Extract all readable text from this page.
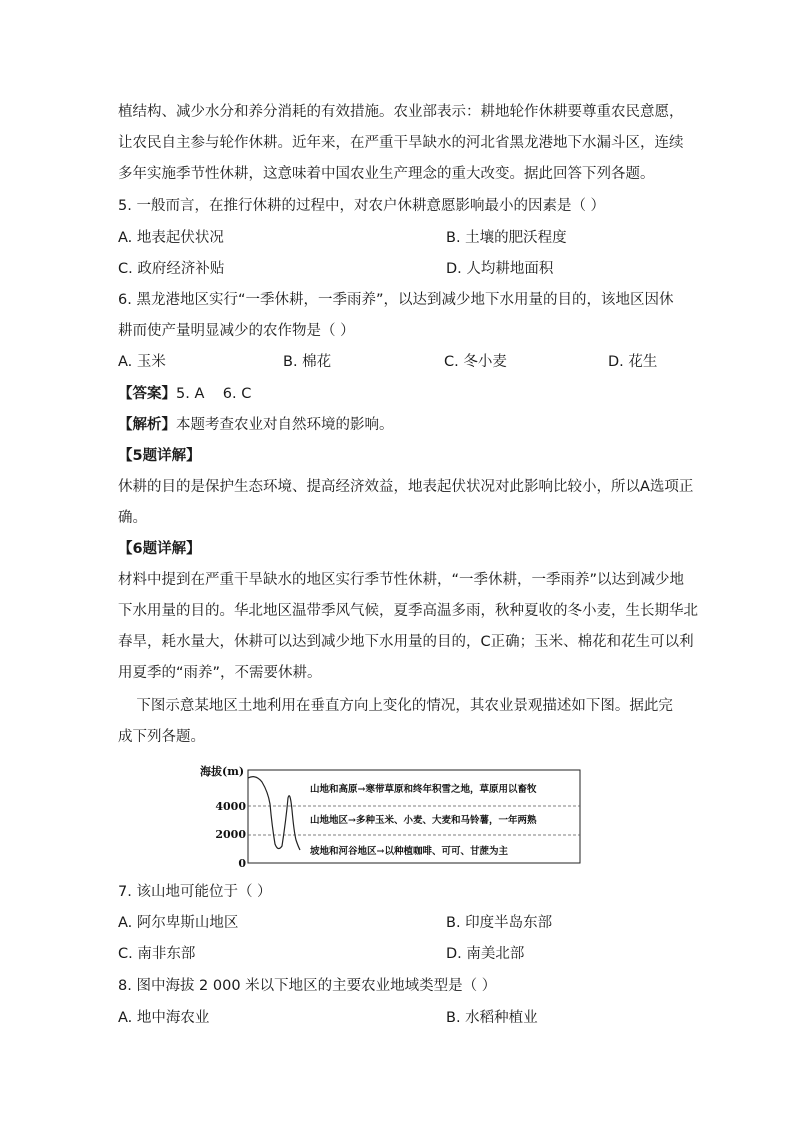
植结构、减少水分和养分消耗的有效措施。农业部表示：耕地轮作休耕要尊重农民意愿，
让农民自主参与轮作休耕。近年来，在严重干旱缺水的河北省黑龙港地下水漏斗区，连续
多年实施季节性休耕，这意味着中国农业生产理念的重大改变。据此回答下列各题。
5. 一般而言，在推行休耕的过程中，对农户休耕意愿影响最小的因素是（ ）
A. 地表起伏状况	B. 土壤的肥沃程度
C. 政府经济补贴	D. 人均耕地面积
6. 黑龙港地区实行“一季休耕，一季雨养”，以达到减少地下水用量的目的，该地区因休
耕而使产量明显减少的农作物是（ ）
A. 玉米	B. 棉花	C. 冬小麦	D. 花生
【答案】5. A    6. C
【解析】本题考查农业对自然环境的影响。
【5题详解】
休耕的目的是保护生态环境、提高经济效益，地表起伏状况对此影响比较小，所以A选项正
确。
【6题详解】
材料中提到在严重干旱缺水的地区实行季节性休耕，“一季休耕，一季雨养”以达到减少地
下水用量的目的。华北地区温带季风气候，夏季高温多雨，秋种夏收的冬小麦，生长期华北
春旱，耗水量大，休耕可以达到减少地下水用量的目的，C正确；玉米、棉花和花生可以利
用夏季的“雨养”，不需要休耕。
下图示意某地区土地利用在垂直方向上变化的情况，其农业景观描述如下图。据此完
成下列各题。
海拔(m)
4000
2000
0
山地和高原→寒带草原和终年积雪之地，草原用以畜牧
山地地区→多种玉米、小麦、大麦和马铃薯，一年两熟
坡地和河谷地区→以种植咖啡、可可、甘蔗为主
7. 该山地可能位于（ ）
A. 阿尔卑斯山地区	B. 印度半岛东部
C. 南非东部	D. 南美北部
8. 图中海拔 2 000 米以下地区的主要农业地域类型是（ ）
A. 地中海农业	B. 水稻种植业
